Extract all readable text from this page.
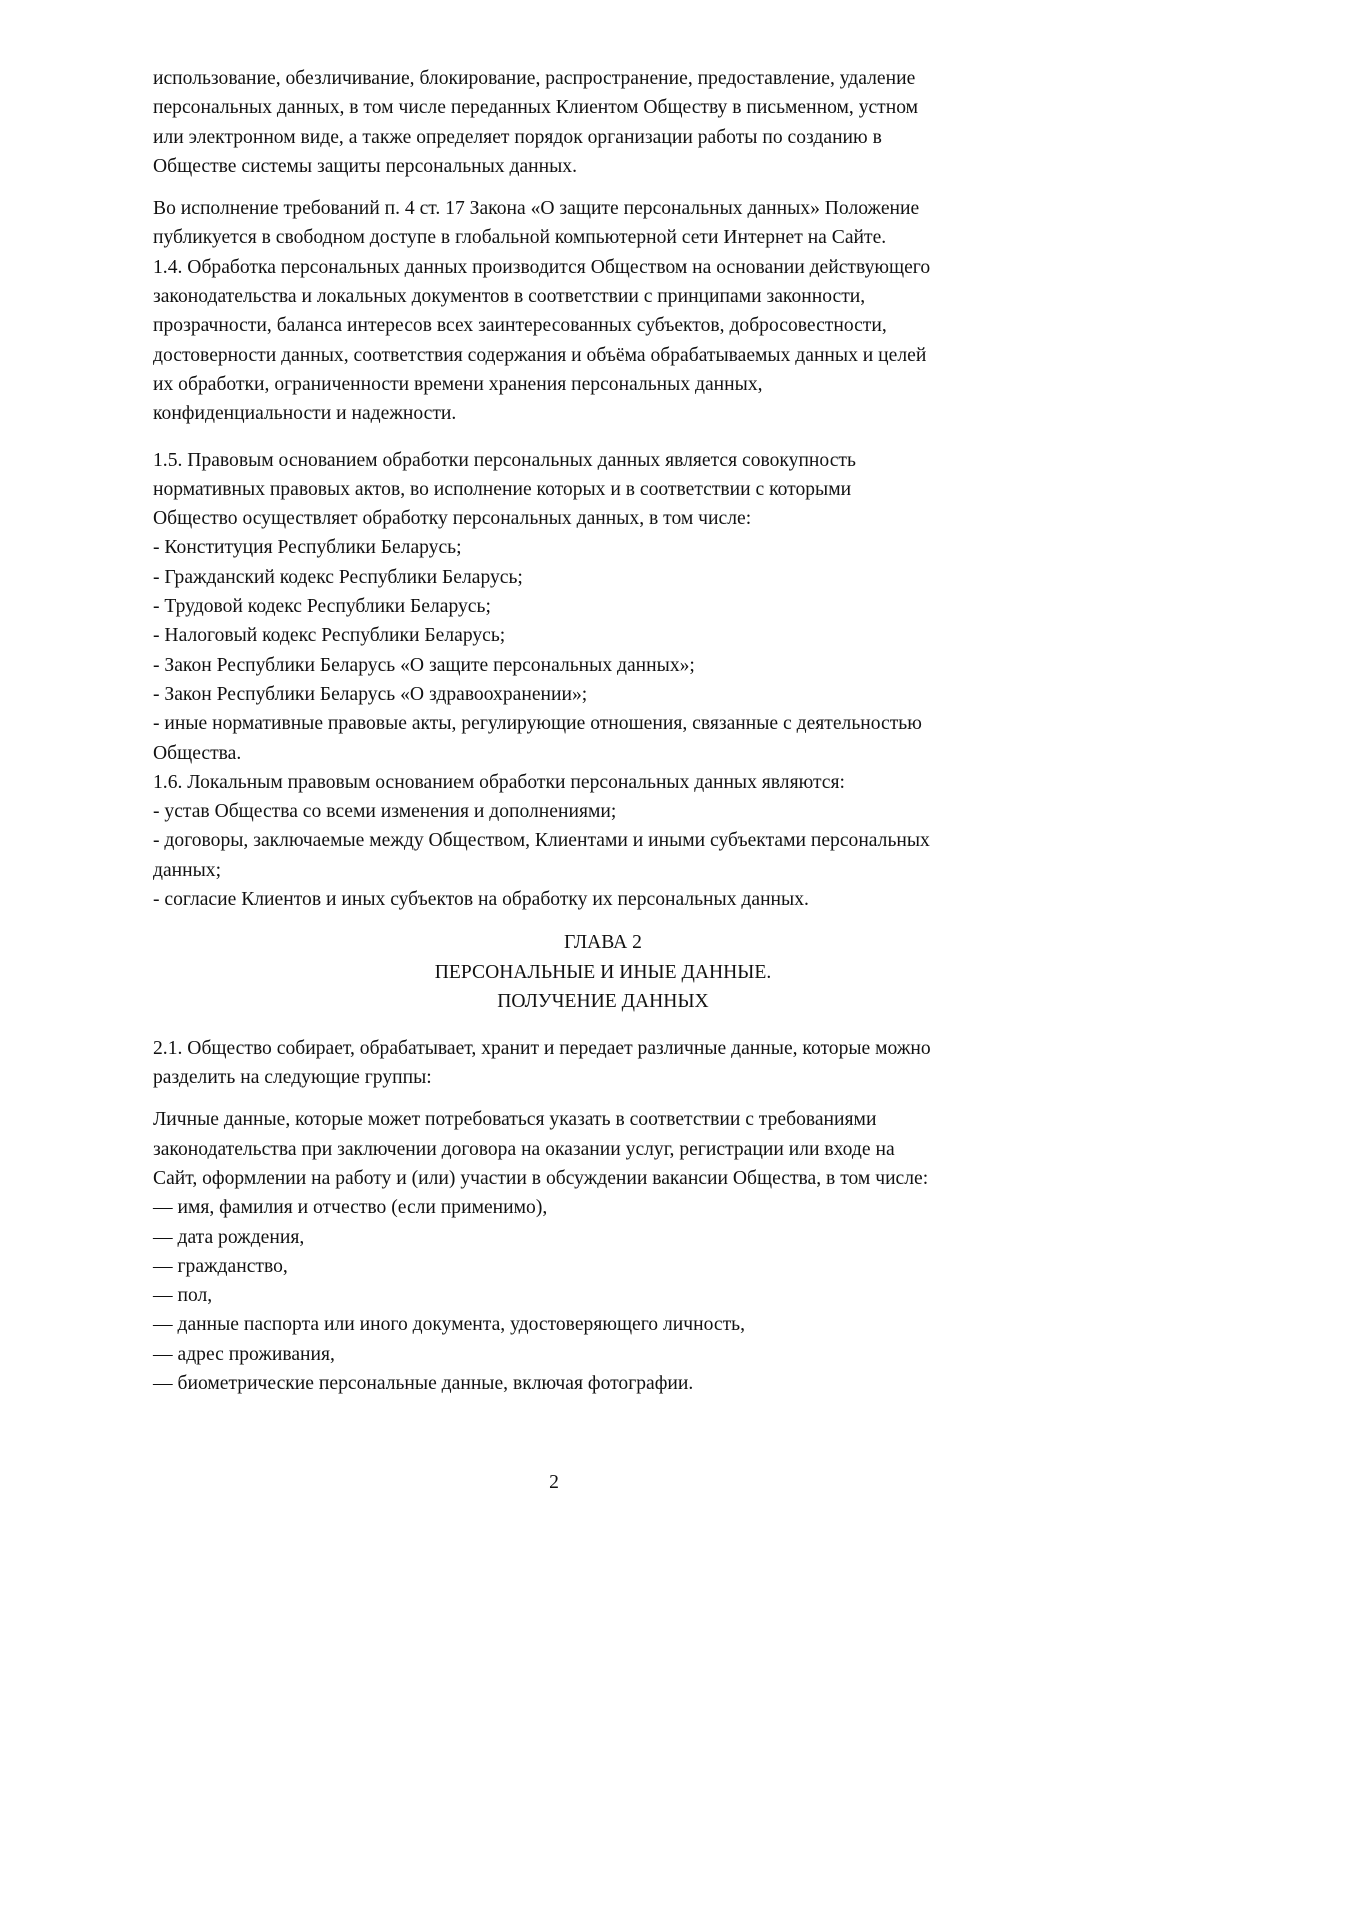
использование, обезличивание, блокирование, распространение, предоставление, удаление
персональных данных, в том числе переданных Клиентом Обществу в письменном, устном
или электронном виде, а также определяет порядок организации работы по созданию в
Обществе системы защиты персональных данных.

Во исполнение требований п. 4 ст. 17 Закона «О защите персональных данных» Положение
публикуется в свободном доступе в глобальной компьютерной сети Интернет на Сайте.

1.4. Обработка персональных данных производится Обществом на основании действующего
законодательства и локальных документов в соответствии с принципами законности,
прозрачности, баланса интересов всех заинтересованных субъектов, добросовестности,
достоверности данных, соответствия содержания и объёма обрабатываемых данных и целей
их обработки, ограниченности времени хранения персональных данных,
конфиденциальности и надежности.

1.5. Правовым основанием обработки персональных данных является совокупность
нормативных правовых актов, во исполнение которых и в соответствии с которыми
Общество осуществляет обработку персональных данных, в том числе:
- Конституция Республики Беларусь;
- Гражданский кодекс Республики Беларусь;
- Трудовой кодекс Республики Беларусь;
- Налоговый кодекс Республики Беларусь;
- Закон Республики Беларусь «О защите персональных данных»;
- Закон Республики Беларусь «О здравоохранении»;
- иные нормативные правовые акты, регулирующие отношения, связанные с деятельностью
Общества.
1.6. Локальным правовым основанием обработки персональных данных являются:
- устав Общества со всеми изменения и дополнениями;
- договоры, заключаемые между Обществом, Клиентами и иными субъектами персональных
данных;
- согласие Клиентов и иных субъектов на обработку их персональных данных.

ГЛАВА 2
ПЕРСОНАЛЬНЫЕ И ИНЫЕ ДАННЫЕ.
ПОЛУЧЕНИЕ ДАННЫХ

2.1. Общество собирает, обрабатывает, хранит и передает различные данные, которые можно
разделить на следующие группы:

Личные данные, которые может потребоваться указать в соответствии с требованиями
законодательства при заключении договора на оказании услуг, регистрации или входе на
Сайт, оформлении на работу и (или) участии в обсуждении вакансии Общества, в том числе:
— имя, фамилия и отчество (если применимо),
— дата рождения,
— гражданство,
— пол,
— данные паспорта или иного документа, удостоверяющего личность,
— адрес проживания,
— биометрические персональные данные, включая фотографии.

2
